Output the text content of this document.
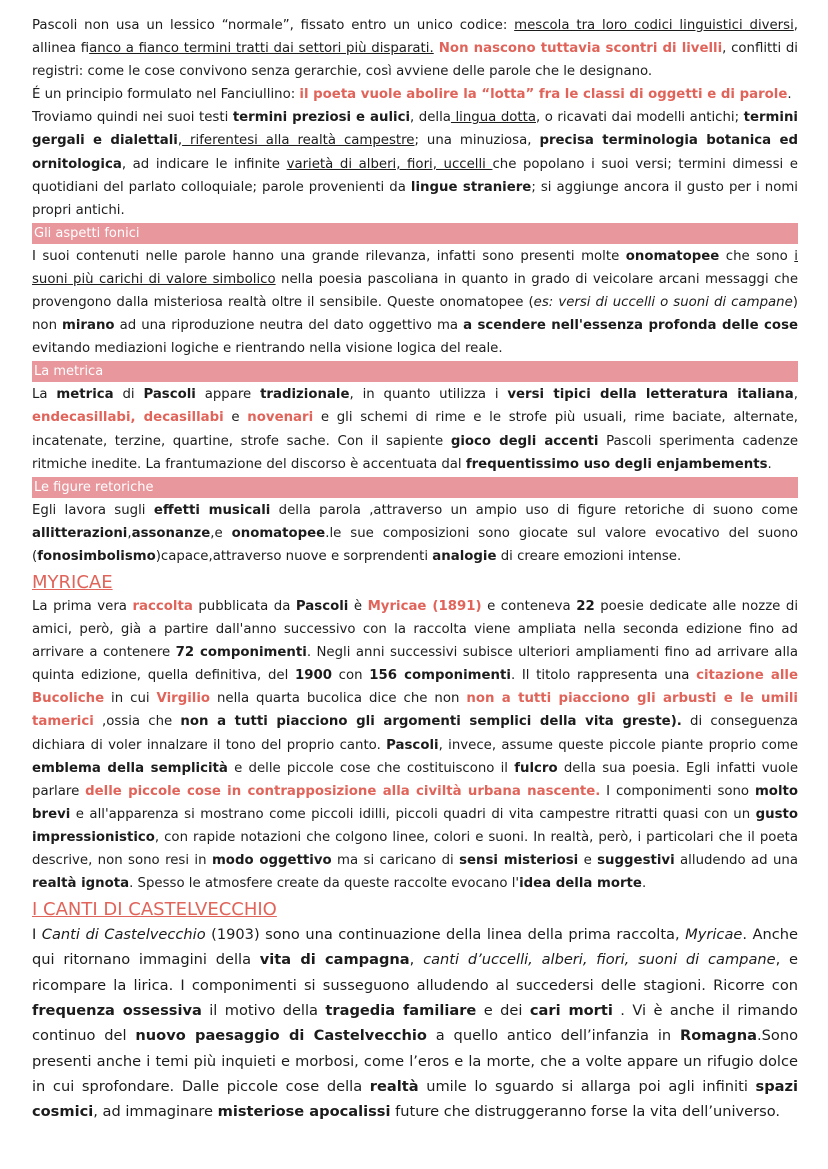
Pascoli non usa un lessico “normale”, fissato entro un unico codice: mescola tra loro codici linguistici diversi, allinea fianco a fianco termini tratti dai settori più disparati. Non nascono tuttavia scontri di livelli, conflitti di registri: come le cose convivono senza gerarchie, così avviene delle parole che le designano.

É un principio formulato nel Fanciullino: il poeta vuole abolire la “lotta” fra le classi di oggetti e di parole.

Troviamo quindi nei suoi testi termini preziosi e aulici, della lingua dotta, o ricavati dai modelli antichi; termini gergali e dialettali, riferentesi alla realtà campestre; una minuziosa, precisa terminologia botanica ed ornitologica, ad indicare le infinite varietà di alberi, fiori, uccelli che popolano i suoi versi; termini dimessi e quotidiani del parlato colloquiale; parole provenienti da lingue straniere; si aggiunge ancora il gusto per i nomi propri antichi.

Gli aspetti fonici

I suoi contenuti nelle parole hanno una grande rilevanza, infatti sono presenti molte onomatopee che sono i suoni più carichi di valore simbolico nella poesia pascoliana in quanto in grado di veicolare arcani messaggi che provengono dalla misteriosa realtà oltre il sensibile. Queste onomatopee (es: versi di uccelli o suoni di campane) non mirano ad una riproduzione neutra del dato oggettivo ma a scendere nell'essenza profonda delle cose evitando mediazioni logiche e rientrando nella visione logica del reale.

La metrica

La metrica di Pascoli appare tradizionale, in quanto utilizza i versi tipici della letteratura italiana, endecasillabi, decasillabi e novenari e gli schemi di rime e le strofe più usuali, rime baciate, alternate, incatenate, terzine, quartine, strofe sache. Con il sapiente gioco degli accenti Pascoli sperimenta cadenze ritmiche inedite. La frantumazione del discorso è accentuata dal frequentissimo uso degli enjambements.

Le figure retoriche

Egli lavora sugli effetti musicali della parola ,attraverso un ampio uso di figure retoriche di suono come allitterazioni,assonanze,e onomatopee.le sue composizioni sono giocate sul valore evocativo del suono (fonosimbolismo)capace,attraverso nuove e sorprendenti analogie di creare emozioni intense.

MYRICAE

La prima vera raccolta pubblicata da Pascoli è Myricae (1891) e conteneva 22 poesie dedicate alle nozze di amici, però, già a partire dall'anno successivo con la raccolta viene ampliata nella seconda edizione fino ad arrivare a contenere 72 componimenti. Negli anni successivi subisce ulteriori ampliamenti fino ad arrivare alla quinta edizione, quella definitiva, del 1900 con 156 componimenti. Il titolo rappresenta una citazione alle Bucoliche in cui Virgilio nella quarta bucolica dice che non non a tutti piacciono gli arbusti e le umili tamerici ,ossia che non a tutti piacciono gli argomenti semplici della vita greste). di conseguenza dichiara di voler innalzare il tono del proprio canto. Pascoli, invece, assume queste piccole piante proprio come emblema della semplicità e delle piccole cose che costituiscono il fulcro della sua poesia. Egli infatti vuole parlare delle piccole cose in contrapposizione alla civiltà urbana nascente. I componimenti sono molto brevi e all'apparenza si mostrano come piccoli idilli, piccoli quadri di vita campestre ritratti quasi con un gusto impressionistico, con rapide notazioni che colgono linee, colori e suoni. In realtà, però, i particolari che il poeta descrive, non sono resi in modo oggettivo ma si caricano di sensi misteriosi e suggestivi alludendo ad una realtà ignota. Spesso le atmosfere create da queste raccolte evocano l'idea della morte.

I CANTI DI CASTELVECCHIO

I Canti di Castelvecchio (1903) sono una continuazione della linea della prima raccolta, Myricae. Anche qui ritornano immagini della vita di campagna, canti d’uccelli, alberi, fiori, suoni di campane, e ricompare la lirica. I componimenti si susseguono alludendo al succedersi delle stagioni. Ricorre con frequenza ossessiva il motivo della tragedia familiare e dei cari morti . Vi è anche il rimando continuo del nuovo paesaggio di Castelvecchio a quello antico dell’infanzia in Romagna.Sono presenti anche i temi più inquieti e morbosi, come l’eros e la morte, che a volte appare un rifugio dolce in cui sprofondare. Dalle piccole cose della realtà umile lo sguardo si allarga poi agli infiniti spazi cosmici, ad immaginare misteriose apocalissi future che distruggeranno forse la vita dell’universo.
